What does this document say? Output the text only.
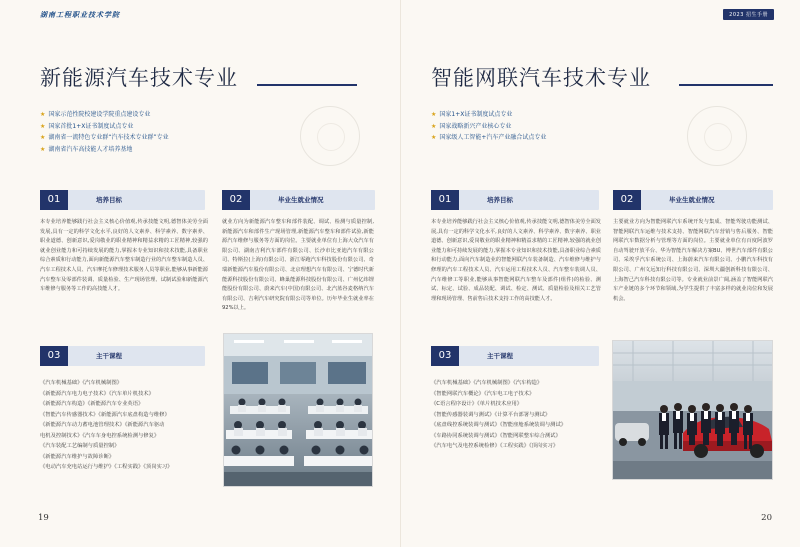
湖南工程职业技术学院
新能源汽车技术专业
★ 国家示范性院校建设学院重点建设专业
★ 国家首批1+X证书制度试点专业
★ 湖南省一流特色专业群“汽车技术专业群”专业
★ 湖南省汽车高技能人才培养基地
01	培养目标
本专业培养能够践行社会主义核心价值观,传承技能文明,德智体美劳全面发展,具有一定的科学文化水平,良好的人文素养、科学素养、数字素养、职业道德、创新意识,爱岗敬业的职业精神和精益求精的工匠精神,较强的就业创业能力和可持续发展的能力,掌握本专业知识和技术技能,具备职业综合素质和行动能力,面向新能源汽车整车制造行业的汽车整车制造人员、汽车工程技术人员、汽车摩托车修理技术服务人员等职业,能够从事新能源汽车整车及零部件装调、质量检验、生产现场管理、试制试验和新能源汽车维修与服务等工作的高技能人才。
02	毕业生就业情况
就业方向为新能源汽车整车和部件装配、调试、检测与质量控制,新能源汽车和部件生产现场管理,新能源汽车整车和部件试验,新能源汽车维修与服务等方面的岗位。主要就业单位有上海大众汽车有限公司、湖南吉利汽车部件有限公司、长沙市比亚迪汽车有限公司、特斯拉(上海)有限公司、浙江零跑汽车科技股份有限公司、奇瑞新能源汽车股份有限公司、北京理想汽车有限公司、宁德时代新能源科技股份有限公司、蜂巢能源科技股份有限公司、广州亿纬锂能股份有限公司、蔚来汽车(中国)有限公司、北汽蓝谷麦格纳汽车有限公司、吉利汽车研究院有限公司等单位。历年毕业生就业率在92%以上。
03	主干课程
《汽车机械基础》《汽车机械制图》
《新能源汽车电力电子技术》《汽车单片机技术》
《新能源汽车构造》《新能源汽车专业英语》
《智能汽车传感器技术》《新能源汽车底盘构造与维修》
《新能源汽车动力蓄电池管理技术》《新能源汽车驱动
电机及控制技术》《汽车车身电控系统检测与修复》
《汽车装配工艺编制与质量控制》
《新能源汽车维护与故障诊断》
《电动汽车充电站运行与维护》《工程实践》《顶岗实习》
19
2023 招生手册
智能网联汽车技术专业
★ 国家1+X证书制度试点专业
★ 国家战略新兴产业核心专业
★ 国家级人工智能+汽车产业融合试点专业
01	培养目标
本专业培养能够践行社会主义核心价值观,传承技能文明,德智体美劳全面发展,具有一定的科学文化水平,良好的人文素养、科学素养、数字素养、职业道德、创新意识,爱岗敬业的职业精神和精益求精的工匠精神,较强的就业创业能力和可持续发展的能力,掌握本专业知识和技术技能,具备职业综合素质和行动能力,面向汽车制造业的智能网联汽车装备制造、汽车维修与维护与修理的汽车工程技术人员、汽车运用工程技术人员、汽车整车装调人员、汽车维修工等职业,能够从事智能网联汽车整车及部件(组件)的检验、测试、标定、试验、成品装配、调试、检定、测试、质量检验及相关工艺管理和现场管理、售前售后技术支持工作的高技能人才。
02	毕业生就业情况
主要就业方向为智能网联汽车系统开发与集成、智能驾驶功能测试、智能网联汽车运维与技术支持、智能网联汽车营销与售后服务、智能网联汽车数据分析与管理等方面的岗位。主要就业单位有百度阿波罗自动驾驶开放平台、华为智能汽车解决方案BU、博世汽车部件有限公司、采埃孚汽车系统公司、上海蔚来汽车有限公司、小鹏汽车科技有限公司、广州文远知行科技有限公司、深圳大疆创新科技有限公司、上海智己汽车科技有限公司等。专业就业前景广阔,涵盖了智能网联汽车产业链的多个环节和领域,为学生提供了丰富多样的就业岗位和发展机会。
03	主干课程
《汽车机械基础》《汽车机械制图》《汽车构造》
《智能网联汽车概论》《汽车电工电子技术》
《C语言程序设计》《单片机技术应用》
《智能传感器装调与测试》《计算平台部署与测试》
《底盘线控系统装调与测试》《智能座舱系统装调与测试》
《车路协同系统装调与测试》《智能网联整车综合测试》
《汽车电气及电控系统检修》《工程实践》《顶岗实习》
20
